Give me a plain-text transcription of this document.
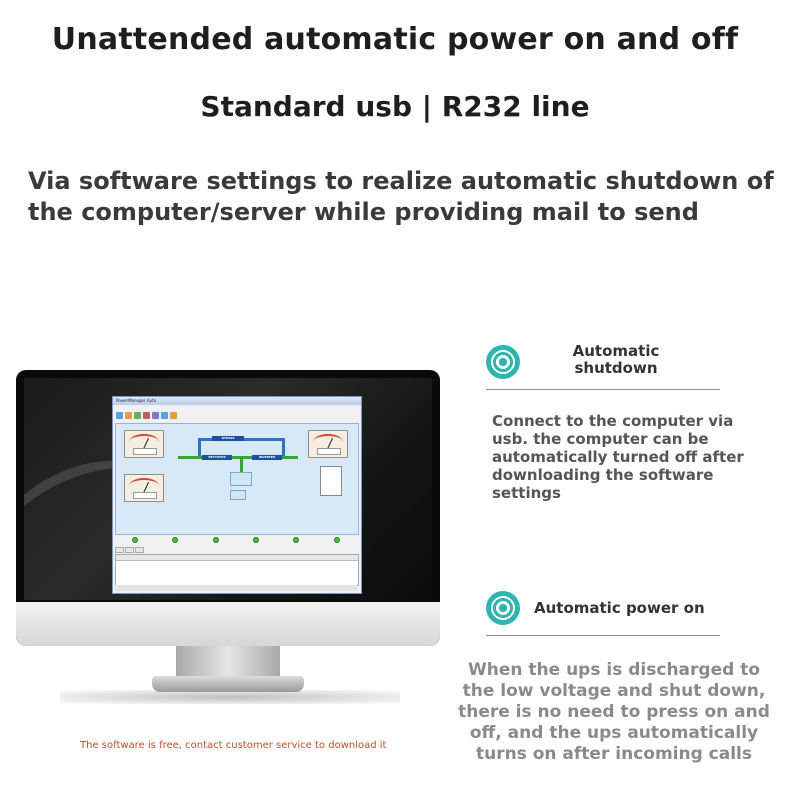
Unattended automatic power on and off
Standard usb | R232 line
Via software settings to realize automatic shutdown of the computer/server while providing mail to send
PowerManager Auto
BYPASS
RECTIFIER	INVERTER

Automatic shutdown
Connect to the computer via usb. the computer can be automatically turned off after downloading the software settings
Automatic power on
When the ups is discharged to the low voltage and shut down, there is no need to press on and off, and the ups automatically turns on after incoming calls
The software is free, contact customer service to download it
